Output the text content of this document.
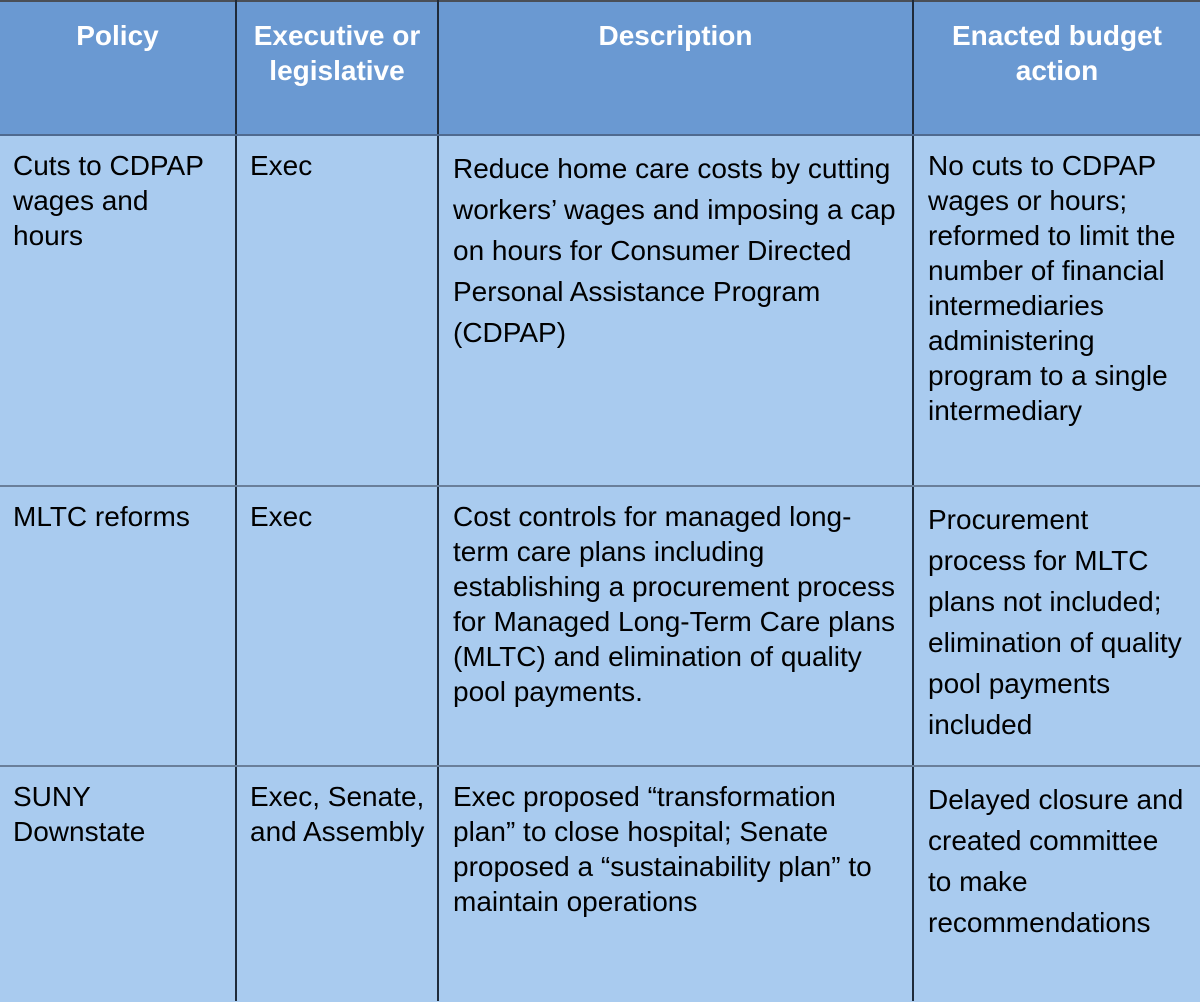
Policy	Executive or legislative	Description	Enacted budget action
Cuts to CDPAP wages and hours	Exec	Reduce home care costs by cutting workers’ wages and imposing a cap on hours for Consumer Directed Personal Assistance Program (CDPAP)	No cuts to CDPAP wages or hours; reformed to limit the number of financial intermediaries administering program to a single intermediary
MLTC reforms	Exec	Cost controls for managed long-term care plans including establishing a procurement process for Managed Long-Term Care plans (MLTC) and elimination of quality pool payments.	Procurement process for MLTC plans not included; elimination of quality pool payments included
SUNY Downstate	Exec, Senate, and Assembly	Exec proposed “transformation plan” to close hospital; Senate proposed a “sustainability plan” to maintain operations	Delayed closure and created committee to make recommendations
